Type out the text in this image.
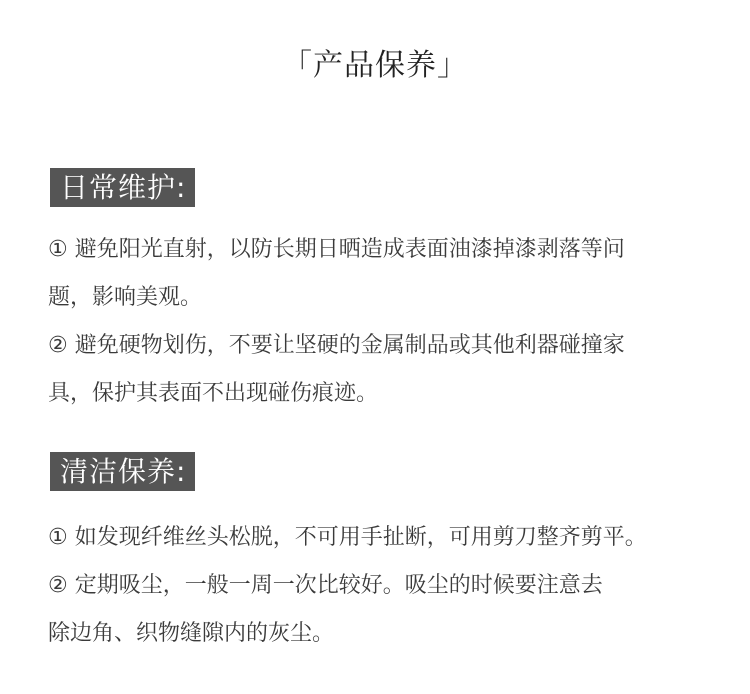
「产品保养」
日常维护:
① 避免阳光直射，以防长期日晒造成表面油漆掉漆剥落等问
题，影响美观。
② 避免硬物划伤，不要让坚硬的金属制品或其他利器碰撞家
具，保护其表面不出现碰伤痕迹。
清洁保养:
① 如发现纤维丝头松脱，不可用手扯断，可用剪刀整齐剪平。
② 定期吸尘，一般一周一次比较好。吸尘的时候要注意去
除边角、织物缝隙内的灰尘。
